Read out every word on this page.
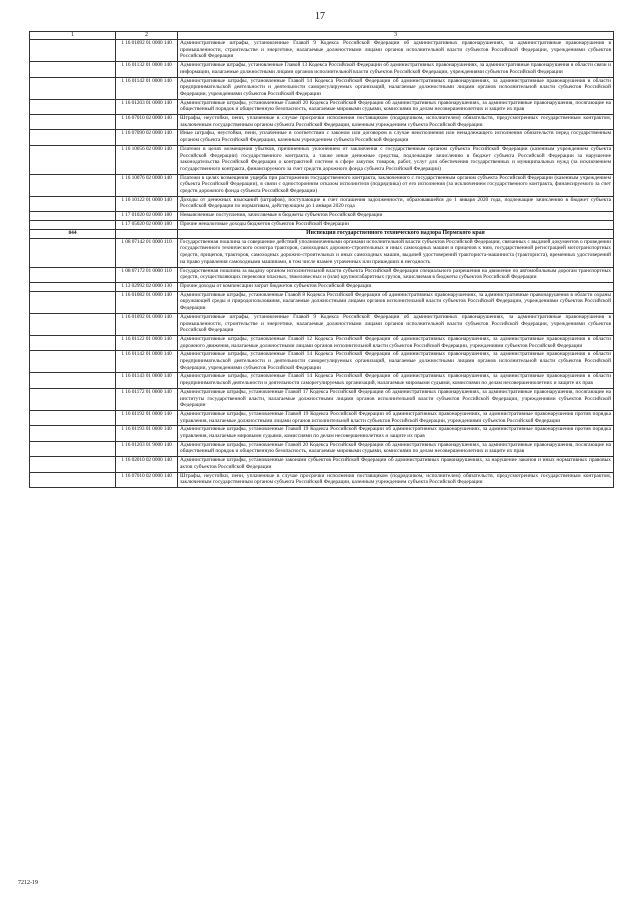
17
1	2	3
	1 16 01092 01 0000 140	Административные штрафы, установленные Главой 9 Кодекса Российской Федерации об административных правонарушениях, за административные правонарушения в промышленности, строительстве и энергетике, налагаемые должностными лицами органов исполнительной власти субъектов Российской Федерации, учреждениями субъектов Российской Федерации
	1 16 01132 01 0000 140	Административные штрафы, установленные Главой 13 Кодекса Российской Федерации об административных правонарушениях, за административные правонарушения в области связи и информации, налагаемые должностными лицами органов исполнительной власти субъектов Российской Федерации, учреждениями субъектов Российской Федерации
	1 16 01142 01 0000 140	Административные штрафы, установленные Главой 14 Кодекса Российской Федерации об административных правонарушениях, за административные правонарушения в области предпринимательской деятельности и деятельности саморегулируемых организаций, налагаемые должностными лицами органов исполнительной власти субъектов Российской Федерации, учреждениями субъектов Российской Федерации
	1 16 01203 01 0000 140	Административные штрафы, установленные Главой 20 Кодекса Российской Федерации об административных правонарушениях, за административные правонарушения, посягающие на общественный порядок и общественную безопасность, налагаемые мировыми судьями, комиссиями по делам несовершеннолетних и защите их прав
	1 16 07010 02 0000 140	Штрафы, неустойки, пени, уплаченные в случае просрочки исполнения поставщиком (подрядчиком, исполнителем) обязательств, предусмотренных государственным контрактом, заключенным государственным органом субъекта Российской Федерации, казенным учреждением субъекта Российской Федерации
	1 16 07090 02 0000 140	Иные штрафы, неустойки, пени, уплаченные в соответствии с законом или договором в случае неисполнения или ненадлежащего исполнения обязательств перед государственным органом субъекта Российской Федерации, казенным учреждением субъекта Российской Федерации
	1 16 10056 02 0000 140	Платежи в целях возмещения убытков, причиненных уклонением от заключения с государственным органом субъекта Российской Федерации (казенным учреждением субъекта Российской Федерации) государственного контракта, а также иные денежные средства, подлежащие зачислению в бюджет субъекта Российской Федерации за нарушение законодательства Российской Федерации о контрактной системе в сфере закупок товаров, работ, услуг для обеспечения государственных и муниципальных нужд (за исключением государственного контракта, финансируемого за счет средств дорожного фонда субъекта Российской Федерации)
	1 16 10076 02 0000 140	Платежи в целях возмещения ущерба при расторжении государственного контракта, заключенного с государственным органом субъекта Российской Федерации (казенным учреждением субъекта Российской Федерации), в связи с односторонним отказом исполнителя (подрядчика) от его исполнения (за исключением государственного контракта, финансируемого за счет средств дорожного фонда субъекта Российской Федерации)
	1 16 10122 01 0000 140	Доходы от денежных взысканий (штрафов), поступающие в счет погашения задолженности, образовавшейся до 1 января 2020 года, подлежащие зачислению в бюджет субъекта Российской Федерации по нормативам, действующим до 1 января 2020 года
	1 17 01020 02 0000 180	Невыясненные поступления, зачисляемые в бюджеты субъектов Российской Федерации
	1 17 05020 02 0000 180	Прочие неналоговые доходы бюджетов субъектов Российской Федерации
844		Инспекция государственного технического надзора Пермского края
	1 08 07142 01 0000 110	Государственная пошлина за совершение действий уполномоченными органами исполнительной власти субъектов Российской Федерации, связанных с выдачей документов о проведении государственного технического осмотра тракторов, самоходных дорожно-строительных и иных самоходных машин и прицепов к ним, государственной регистрацией мототранспортных средств, прицепов, тракторов, самоходных дорожно-строительных и иных самоходных машин, выдачей удостоверений тракториста-машиниста (тракториста), временных удостоверений на право управления самоходными машинами, в том числе взамен утраченных или пришедших в негодность
	1 08 07172 01 0000 110	Государственная пошлина за выдачу органом исполнительной власти субъекта Российской Федерации специального разрешения на движение по автомобильным дорогам транспортных средств, осуществляющих перевозки опасных, тяжеловесных и (или) крупногабаритных грузов, зачисляемая в бюджеты субъектов Российской Федерации
	1 13 02992 02 0000 130	Прочие доходы от компенсации затрат бюджетов субъектов Российской Федерации
	1 16 01082 01 0000 140	Административные штрафы, установленные Главой 8 Кодекса Российской Федерации об административных правонарушениях, за административные правонарушения в области охраны окружающей среды и природопользования, налагаемые должностными лицами органов исполнительной власти субъектов Российской Федерации, учреждениями субъектов Российской Федерации
	1 16 01092 01 0000 140	Административные штрафы, установленные Главой 9 Кодекса Российской Федерации об административных правонарушениях, за административные правонарушения в промышленности, строительстве и энергетике, налагаемые должностными лицами органов исполнительной власти субъектов Российской Федерации, учреждениями субъектов Российской Федерации
	1 16 01122 01 0000 140	Административные штрафы, установленные Главой 12 Кодекса Российской Федерации об административных правонарушениях, за административные правонарушения в области дорожного движения, налагаемые должностными лицами органов исполнительной власти субъектов Российской Федерации, учреждениями субъектов Российской Федерации
	1 16 01142 01 0000 140	Административные штрафы, установленные Главой 14 Кодекса Российской Федерации об административных правонарушениях, за административные правонарушения в области предпринимательской деятельности и деятельности саморегулируемых организаций, налагаемые должностными лицами органов исполнительной власти субъектов Российской Федерации, учреждениями субъектов Российской Федерации
	1 16 01143 01 0000 140	Административные штрафы, установленные Главой 14 Кодекса Российской Федерации об административных правонарушениях, за административные правонарушения в области предпринимательской деятельности и деятельности саморегулируемых организаций, налагаемые мировыми судьями, комиссиями по делам несовершеннолетних и защите их прав
	1 16 01172 01 0000 140	Административные штрафы, установленные Главой 17 Кодекса Российской Федерации об административных правонарушениях, за административные правонарушения, посягающие на институты государственной власти, налагаемые должностными лицами органов исполнительной власти субъектов Российской Федерации, учреждениями субъектов Российской Федерации
	1 16 01192 01 0000 140	Административные штрафы, установленные Главой 19 Кодекса Российской Федерации об административных правонарушениях, за административные правонарушения против порядка управления, налагаемые должностными лицами органов исполнительной власти субъектов Российской Федерации, учреждениями субъектов Российской Федерации
	1 16 01193 01 0000 140	Административные штрафы, установленные Главой 19 Кодекса Российской Федерации об административных правонарушениях, за административные правонарушения против порядка управления, налагаемые мировыми судьями, комиссиями по делам несовершеннолетних и защите их прав
	1 16 01203 01 9000 140	Административные штрафы, установленные Главой 20 Кодекса Российской Федерации об административных правонарушениях, за административные правонарушения, посягающие на общественный порядок и общественную безопасность, налагаемые мировыми судьями, комиссиями по делам несовершеннолетних и защите их прав
	1 16 02010 02 0000 140	Административные штрафы, установленные законами субъектов Российской Федерации об административных правонарушениях, за нарушение законов и иных нормативных правовых актов субъектов Российской Федерации
	1 16 07010 02 0000 140	Штрафы, неустойки, пени, уплаченные в случае просрочки исполнения поставщиком (подрядчиком, исполнителем) обязательств, предусмотренных государственным контрактом, заключенным государственным органом субъекта Российской Федерации, казенным учреждением субъекта Российской Федерации
7212-19
